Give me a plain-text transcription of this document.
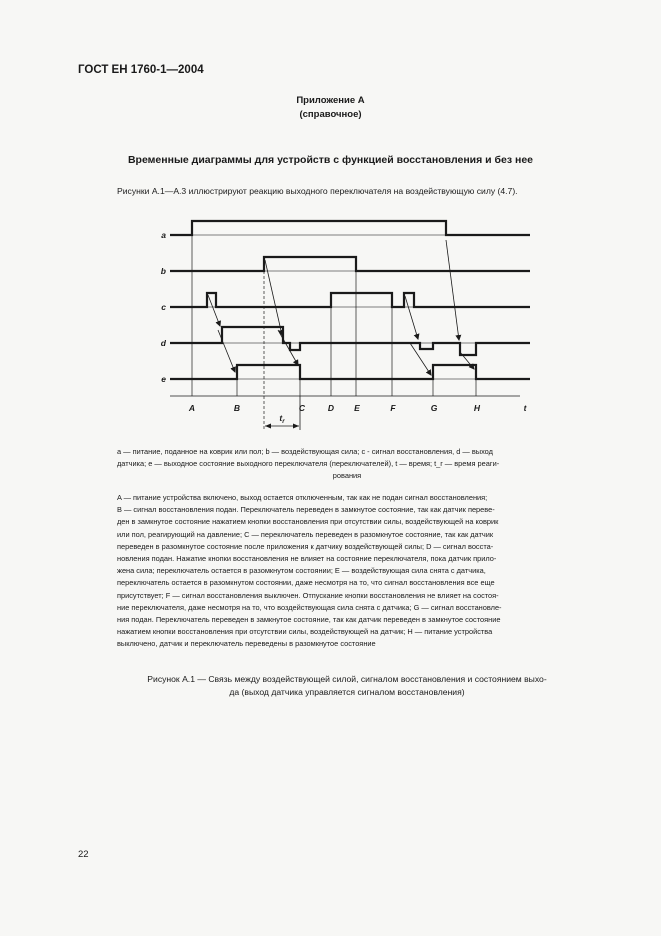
ГОСТ ЕН 1760-1—2004
Приложение А
(справочное)
Временные диаграммы для устройств с функцией восстановления и без нее
Рисунки А.1—А.3 иллюстрируют реакцию выходного переключателя на воздействующую силу (4.7).
a
b
c
d
e
A	B	C	D E	F	G	H	t
$t_r$
a — питание, поданное на коврик или пол; b — воздействующая сила; c - сигнал восстановления, d — выход
датчика; e — выходное состояние выходного переключателя (переключателей), t — время; t_r — время реаги-

рования
A — питание устройства включено, выход остается отключенным, так как не подан сигнал восстановления;
B — сигнал восстановления подан. Переключатель переведен в замкнутое состояние, так как датчик переве-
ден в замкнутое состояние нажатием кнопки восстановления при отсутствии силы, воздействующей на коврик
или пол, реагирующий на давление; C — переключатель переведен в разомкнутое состояние, так как датчик
переведен в разомкнутое состояние после приложения к датчику воздействующей силы; D — сигнал восста-
новления подан. Нажатие кнопки восстановления не влияет на состояние переключателя, пока датчик прило-
жена сила; переключатель остается в разомкнутом состоянии; E — воздействующая сила снята с датчика,
переключатель остается в разомкнутом состоянии, даже несмотря на то, что сигнал восстановления все еще
присутствует; F — сигнал восстановления выключен. Отпускание кнопки восстановления не влияет на состоя-
ние переключателя, даже несмотря на то, что воздействующая сила снята с датчика; G — сигнал восстановле-
ния подан. Переключатель переведен в замкнутое состояние, так как датчик переведен в замкнутое состояние
нажатием кнопки восстановления при отсутствии силы, воздействующей на датчик; H — питание устройства
выключено, датчик и переключатель переведены в разомкнутое состояние
Рисунок А.1 — Связь между воздействующей силой, сигналом восстановления и состоянием выхо-
да (выход датчика управляется сигналом восстановления)
22
